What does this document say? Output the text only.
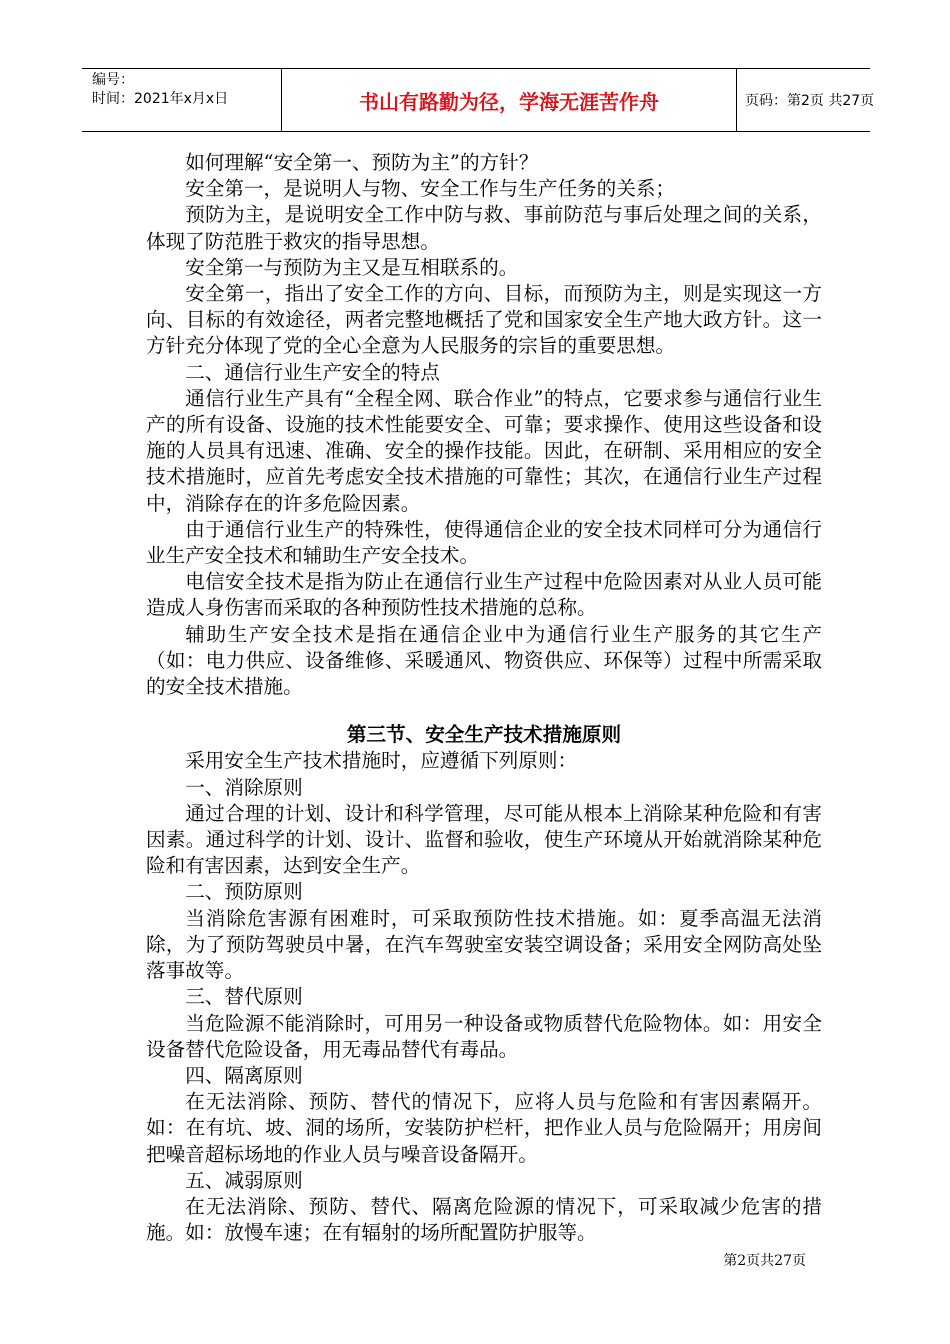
编号：
时间：2021年x月x日	书山有路勤为径，学海无涯苦作舟	页码：第2页 共27页

如何理解“安全第一、预防为主”的方针？

安全第一，是说明人与物、安全工作与生产任务的关系；

预防为主，是说明安全工作中防与救、事前防范与事后处理之间的关系，体现了防范胜于救灾的指导思想。

安全第一与预防为主又是互相联系的。

安全第一，指出了安全工作的方向、目标，而预防为主，则是实现这一方向、目标的有效途径，两者完整地概括了党和国家安全生产地大政方针。这一方针充分体现了党的全心全意为人民服务的宗旨的重要思想。

二、通信行业生产安全的特点

通信行业生产具有“全程全网、联合作业”的特点，它要求参与通信行业生产的所有设备、设施的技术性能要安全、可靠；要求操作、使用这些设备和设施的人员具有迅速、准确、安全的操作技能。因此，在研制、采用相应的安全技术措施时，应首先考虑安全技术措施的可靠性；其次，在通信行业生产过程中，消除存在的许多危险因素。

由于通信行业生产的特殊性，使得通信企业的安全技术同样可分为通信行业生产安全技术和辅助生产安全技术。

电信安全技术是指为防止在通信行业生产过程中危险因素对从业人员可能造成人身伤害而采取的各种预防性技术措施的总称。

辅助生产安全技术是指在通信企业中为通信行业生产服务的其它生产（如：电力供应、设备维修、采暖通风、物资供应、环保等）过程中所需采取的安全技术措施。

第三节、安全生产技术措施原则

采用安全生产技术措施时，应遵循下列原则：

一、消除原则

通过合理的计划、设计和科学管理，尽可能从根本上消除某种危险和有害因素。通过科学的计划、设计、监督和验收，使生产环境从开始就消除某种危险和有害因素，达到安全生产。

二、预防原则

当消除危害源有困难时，可采取预防性技术措施。如：夏季高温无法消除，为了预防驾驶员中暑，在汽车驾驶室安装空调设备；采用安全网防高处坠落事故等。

三、替代原则

当危险源不能消除时，可用另一种设备或物质替代危险物体。如：用安全设备替代危险设备，用无毒品替代有毒品。

四、隔离原则

在无法消除、预防、替代的情况下，应将人员与危险和有害因素隔开。如：在有坑、坡、洞的场所，安装防护栏杆，把作业人员与危险隔开；用房间把噪音超标场地的作业人员与噪音设备隔开。

五、减弱原则

在无法消除、预防、替代、隔离危险源的情况下，可采取减少危害的措施。如：放慢车速；在有辐射的场所配置防护服等。

第2页共27页
